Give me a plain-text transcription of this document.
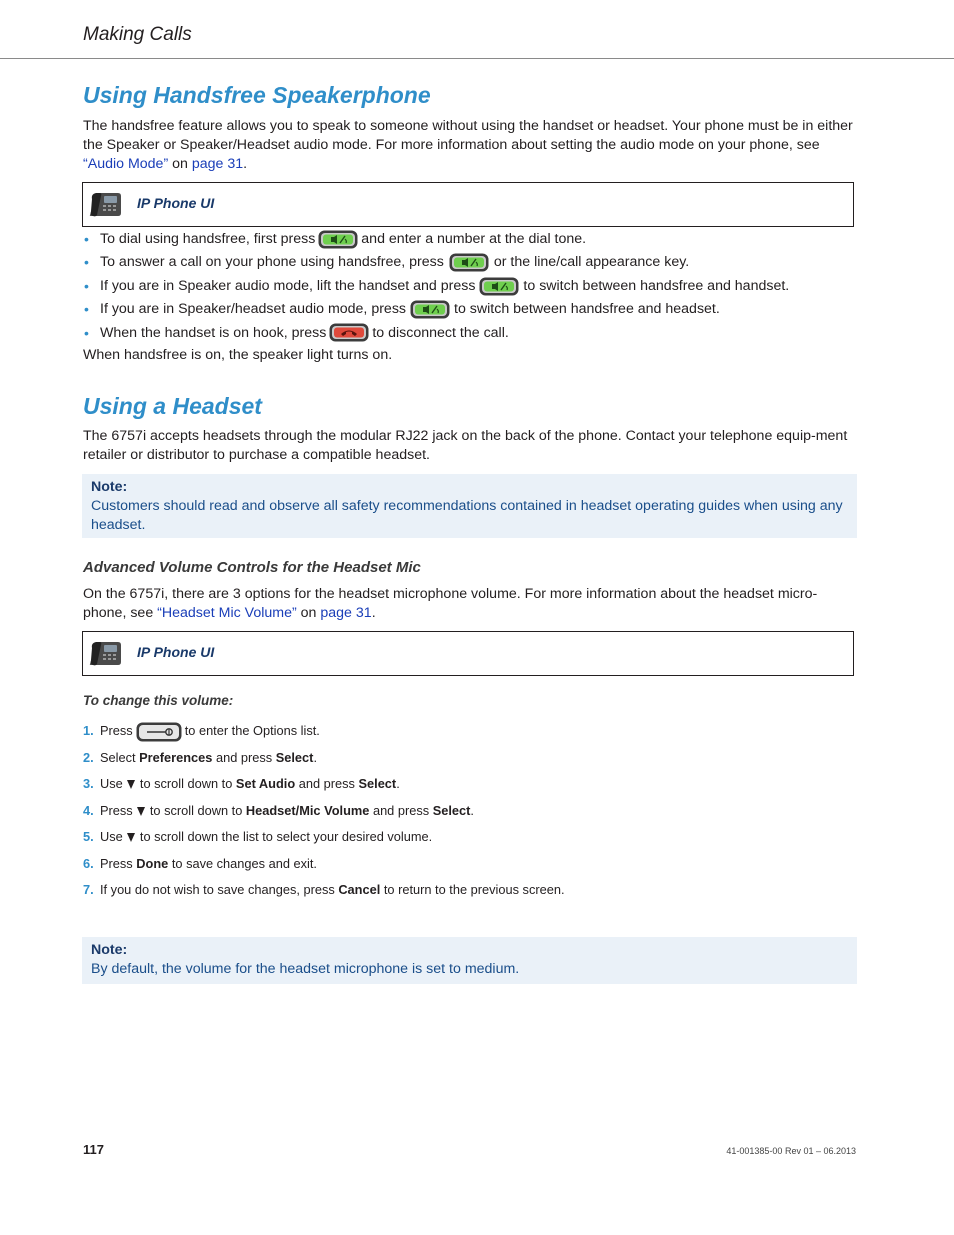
Making Calls
Using Handsfree Speakerphone

The handsfree feature allows you to speak to someone without using the handset or headset. Your phone must be in either the Speaker or Speaker/Headset audio mode. For more information about setting the audio mode on your phone, see “Audio Mode” on page 31.

IP Phone UI
• To dial using handsfree, first press	and enter a number at the dial tone.
• To answer a call on your phone using handsfree, press	or the line/call appearance key.
• If you are in Speaker audio mode, lift the handset and press	to switch between handsfree and handset.
• If you are in Speaker/headset audio mode, press	to switch between handsfree and headset.
• When the handset is on hook, press	to disconnect the call.

When handsfree is on, the speaker light turns on.

Using a Headset

The 6757i accepts headsets through the modular RJ22 jack on the back of the phone. Contact your telephone equip-ment retailer or distributor to purchase a compatible headset.

Note:
Customers should read and observe all safety recommendations contained in headset operating guides when using any headset.
Advanced Volume Controls for the Headset Mic

On the 6757i, there are 3 options for the headset microphone volume. For more information about the headset micro-phone, see “Headset Mic Volume” on page 31.

IP Phone UI
To change this volume:
1. Press	to enter the Options list.
2. Select Preferences and press Select.
3. Use to scroll down to Set Audio and press Select.
4. Press to scroll down to Headset/Mic Volume and press Select.
5. Use to scroll down the list to select your desired volume.
6. Press Done to save changes and exit.
7. If you do not wish to save changes, press Cancel to return to the previous screen.
Note:
By default, the volume for the headset microphone is set to medium.
117	41-001385-00 Rev 01 – 06.2013
